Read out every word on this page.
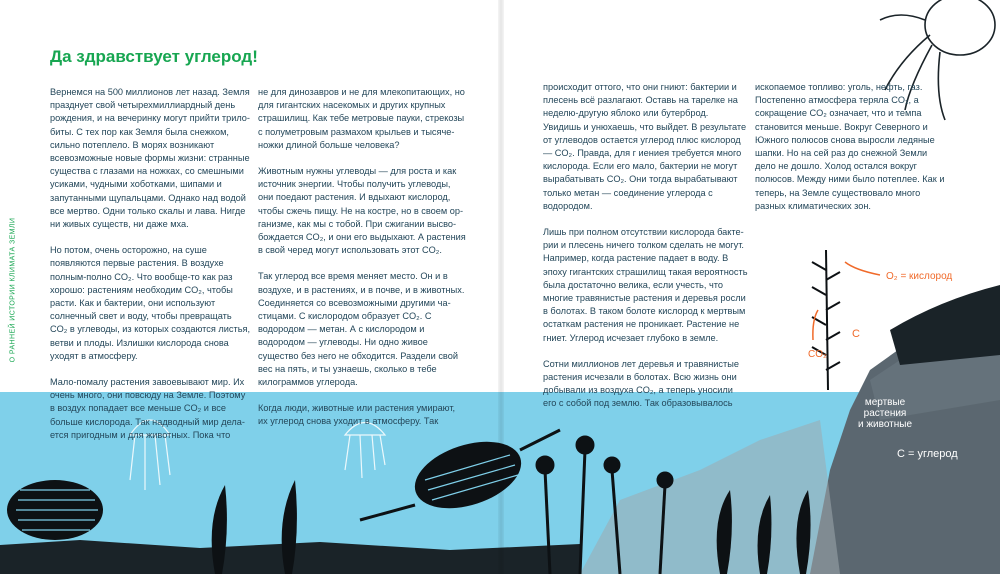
Да здравствует углерод!
О РАННЕЙ ИСТОРИИ КЛИМАТА ЗЕМЛИ

Вернемся на 500 миллионов лет назад. Земля празднует свой четырехмиллиардный день рождения, и на вечеринку могут прийти трилобиты. С тех пор как Земля была снежком, сильно потеплело. В морях возникают всевозможные новые формы жизни: странные существа с глазами на ножках, со смешными усиками, чудными хоботками, шипами и запутанными щупальцами. Однако над водой все мертво. Одни только скалы и лава. Нигде ни живых существ, ни даже мха.

Но потом, очень осторожно, на суше появляются первые растения. В воздухе полным-полно CO₂. Что вообще-то как раз хорошо: растениям необходим CO₂, чтобы расти. Как и бактерии, они используют солнечный свет и воду, чтобы превращать CO₂ в углеводы, из которых создаются листья, ветви и плоды. Излишки кислорода снова уходят в атмосферу.

Мало-помалу растения завоевывают мир. Их очень много, они повсюду на Земле. Поэтому в воздух попадает все меньше CO₂ и все больше кислорода. Так надводный мир делается пригодным и для животных. Пока что

не для динозавров и не для млекопитающих, но для гигантских насекомых и других крупных страшилищ. Как тебе метровые пауки, стрекозы с полуметровым размахом крыльев и тысяченожки длиной больше человека?

Животным нужны углеводы — для роста и как источник энергии. Чтобы получить углеводы, они поедают растения. И вдыхают кислород, чтобы сжечь пищу. Не на костре, но в своем организме, как мы с тобой. При сжигании высвобождается CO₂, и они его выдыхают. А растения в свой черед могут использовать этот CO₂.

Так углерод все время меняет место. Он и в воздухе, и в растениях, и в почве, и в животных. Соединяется со всевозможными другими частицами. С кислородом образует CO₂. С водородом — метан. А с кислородом и водородом — углеводы. Ни одно живое существо без него не обходится. Раздели свой вес на пять, и ты узнаешь, сколько в тебе килограммов углерода.

Когда люди, животные или растения умирают, их углерод снова уходит в атмосферу. Так

происходит оттого, что они гниют: бактерии и плесень всё разлагают. Оставь на тарелке на неделю-другую яблоко или бутерброд. Увидишь и унюхаешь, что выйдет. В результате от углеводов остается углерод плюс кислород — CO₂. Правда, для г иениея требуется много кислорода. Если его мало, бактерии не могут вырабатывать CO₂. Они тогда вырабатывают только метан — соединение углерода с водородом.

Лишь при полном отсутствии кислорода бактерии и плесень ничего толком сделать не могут. Например, когда растение падает в воду. В эпоху гигантских страшилищ такая вероятность была достаточно велика, если учесть, что многие травянистые растения и деревья росли в болотах. В таком болоте кислород к мертвым остаткам растения не проникает. Растение не гниет. Углерод исчезает глубоко в земле.

Сотни миллионов лет деревья и травянистые растения исчезали в болотах. Всю жизнь они добывали из воздуха CO₂, а теперь уносили его с собой под землю. Так образовывалось

ископаемое топливо: уголь, нефть, газ. Постепенно атмосфера теряла CO₂, а сокращение CO₂ означает, что и темпа становится меньше. Вокруг Северного и Южного полюсов снова выросли ледяные шапки. Но на сей раз до снежной Земли дело не дошло. Холод остался вокруг полюсов. Между ними было потеплее. Как и теперь, на Земле существовало много разных климатических зон.

O₂ = кислород
CO₂
C
мертвые
растения
и животные
C = углерод
